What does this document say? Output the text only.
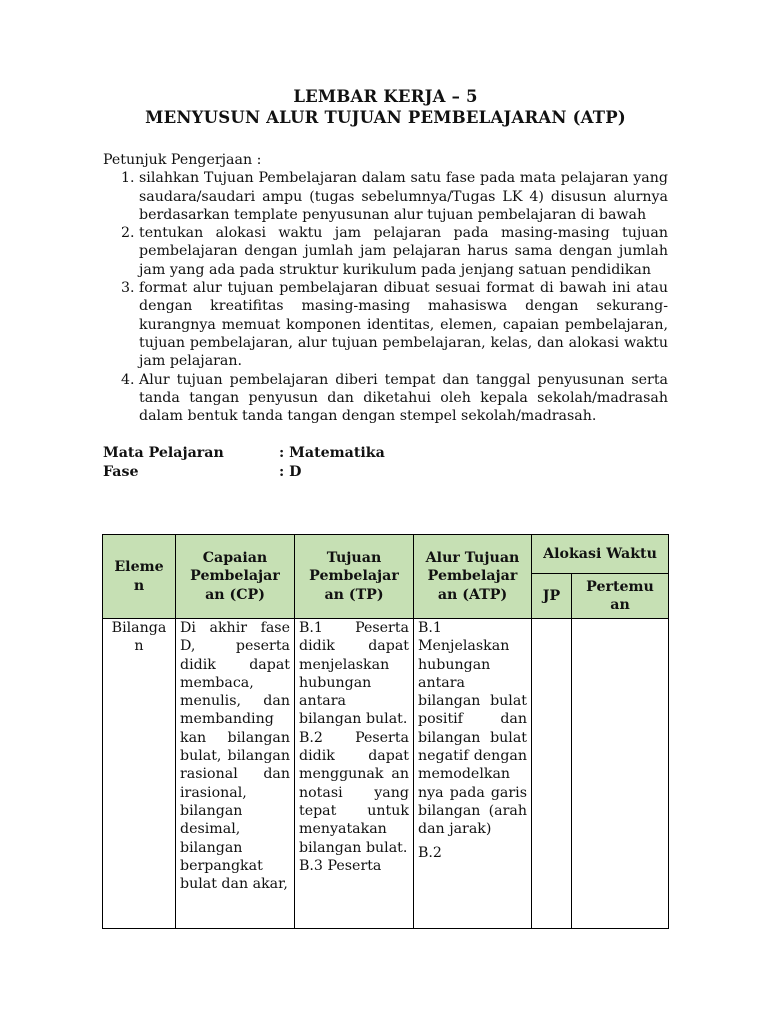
LEMBAR KERJA – 5

MENYUSUN ALUR TUJUAN PEMBELAJARAN (ATP)

Petunjuk Pengerjaan :

1. silahkan Tujuan Pembelajaran dalam satu fase pada mata pelajaran yang saudara/saudari ampu (tugas sebelumnya/Tugas LK 4) disusun alurnya berdasarkan template penyusunan alur tujuan pembelajaran di bawah
2. tentukan alokasi waktu jam pelajaran pada masing-masing tujuan pembelajaran dengan jumlah jam pelajaran harus sama dengan jumlah jam yang ada pada struktur kurikulum pada jenjang satuan pendidikan
3. format alur tujuan pembelajaran dibuat sesuai format di bawah ini atau dengan kreatifitas masing-masing mahasiswa dengan sekurang-kurangnya memuat komponen identitas, elemen, capaian pembelajaran, tujuan pembelajaran, alur tujuan pembelajaran, kelas, dan alokasi waktu jam pelajaran.
4. Alur tujuan pembelajaran diberi tempat dan tanggal penyusunan serta tanda tangan penyusun dan diketahui oleh kepala sekolah/madrasah dalam bentuk tanda tangan dengan stempel sekolah/madrasah.
Mata Pelajaran	: Matematika
Fase	: D
Eleme n	Capaian Pembelajar an (CP)	Tujuan Pembelajar an (TP)	Alur Tujuan Pembelajar an (ATP)	Alokasi Waktu	
				JP	Pertemu an
Bilanga n	Di akhir fase D, peserta didik dapat membaca, menulis, dan membanding kan bilangan bulat, bilangan rasional dan irasional, bilangan desimal, bilangan berpangkat bulat dan akar,	B.1 Peserta didik dapat menjelaskan hubungan antara bilangan bulat.
B.2 Peserta didik dapat menggunak an notasi yang tepat untuk menyatakan bilangan bulat.
B.3 Peserta	B.1 Menjelaskan hubungan antara bilangan bulat positif dan bilangan bulat negatif dengan memodelkan nya pada garis bilangan (arah dan jarak)
B.2		
